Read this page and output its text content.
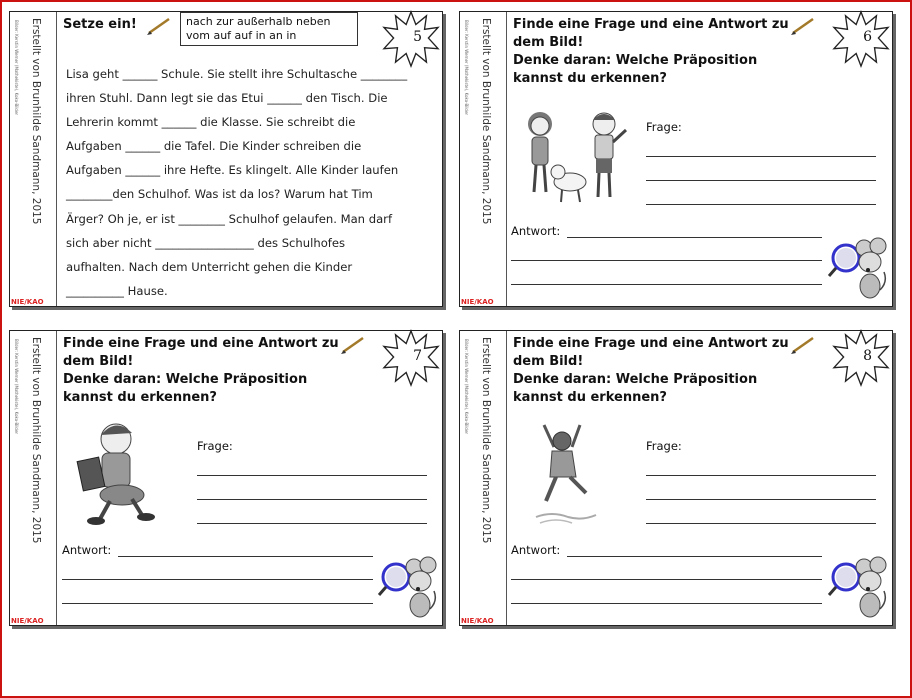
Bilder: Kerstin Werner (Mathekiste), Koko-Bilder Erstellt von Brunhilde Sandmann, 2015
NIE/KAO
Setze ein!	nach zur außerhalb neben
vom auf auf in an in	5
Lisa geht ______ Schule. Sie stellt ihre Schultasche ________
ihren Stuhl. Dann legt sie das Etui ______ den Tisch. Die
Lehrerin kommt ______ die Klasse. Sie schreibt die
Aufgaben ______ die Tafel. Die Kinder schreiben die
Aufgaben ______ ihre Hefte. Es klingelt. Alle Kinder laufen
________den Schulhof. Was ist da los? Warum hat Tim
Ärger? Oh je, er ist ________ Schulhof gelaufen. Man darf
sich aber nicht _________________ des Schulhofes
aufhalten. Nach dem Unterricht gehen die Kinder
__________ Hause.
Bilder: Kerstin Werner (Mathekiste), Koko-Bilder Erstellt von Brunhilde Sandmann, 2015
NIE/KAO
Finde eine Frage und eine Antwort zu
dem Bild!
Denke daran: Welche Präposition
kannst du erkennen?
6
Frage:
Antwort:
Bilder: Kerstin Werner (Mathekiste), Koko-Bilder Erstellt von Brunhilde Sandmann, 2015
NIE/KAO
Finde eine Frage und eine Antwort zu
dem Bild!
Denke daran: Welche Präposition
kannst du erkennen?
7
Frage:
Antwort:
Bilder: Kerstin Werner (Mathekiste), Koko-Bilder Erstellt von Brunhilde Sandmann, 2015
NIE/KAO
Finde eine Frage und eine Antwort zu
dem Bild!
Denke daran: Welche Präposition
kannst du erkennen?
8
Frage:
Antwort:
